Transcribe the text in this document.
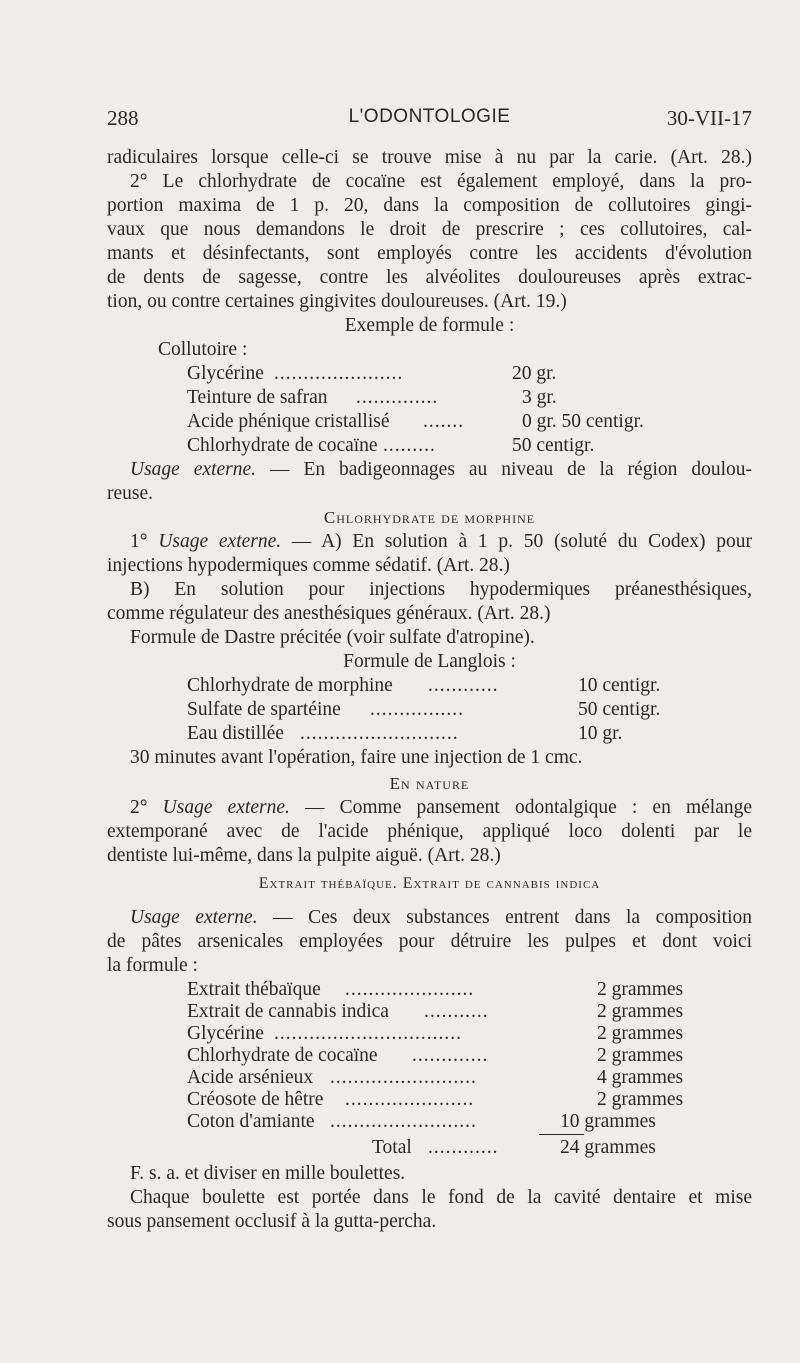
288	L'ODONTOLOGIE	30-VII-17
radiculaires lorsque celle-ci se trouve mise à nu par la carie. (Art. 28.)
2° Le chlorhydrate de cocaïne est également employé, dans la pro-
portion maxima de 1 p. 20, dans la composition de collutoires gingi-
vaux que nous demandons le droit de prescrire ; ces collutoires, cal-
mants et désinfectants, sont employés contre les accidents d'évolution
de dents de sagesse, contre les alvéolites douloureuses après extrac-
tion, ou contre certaines gingivites douloureuses. (Art. 19.)
Exemple de formule :
Collutoire :
Glycérine ......................	20 gr.
Teinture de safran ..............	3 gr.
Acide phénique cristallisé .......	0 gr. 50 centigr.
Chlorhydrate de cocaïne .........	50 centigr.
Usage externe. — En badigeonnages au niveau de la région doulou-
reuse.
Chlorhydrate de morphine
1° Usage externe. — A) En solution à 1 p. 50 (soluté du Codex) pour
injections hypodermiques comme sédatif. (Art. 28.)
B) En solution pour injections hypodermiques préanesthésiques,
comme régulateur des anesthésiques généraux. (Art. 28.)
Formule de Dastre précitée (voir sulfate d'atropine).
Formule de Langlois :
Chlorhydrate de morphine ............	10 centigr.
Sulfate de spartéine ................	50 centigr.
Eau distillée ...........................	10 gr.
30 minutes avant l'opération, faire une injection de 1 cmc.
En nature
2° Usage externe. — Comme pansement odontalgique : en mélange
extemporané avec de l'acide phénique, appliqué loco dolenti par le
dentiste lui-même, dans la pulpite aiguë. (Art. 28.)
Extrait thébaïque. Extrait de cannabis indica
Usage externe. — Ces deux substances entrent dans la composition
de pâtes arsenicales employées pour détruire les pulpes et dont voici
la formule :
Extrait thébaïque ......................	2 grammes
Extrait de cannabis indica ...........	2 grammes
Glycérine ................................	2 grammes
Chlorhydrate de cocaïne .............	2 grammes
Acide arsénieux .........................	4 grammes
Créosote de hêtre ......................	2 grammes
Coton d'amiante .........................	10 grammes
Total ............	24 grammes
F. s. a. et diviser en mille boulettes.
Chaque boulette est portée dans le fond de la cavité dentaire et mise
sous pansement occlusif à la gutta-percha.
